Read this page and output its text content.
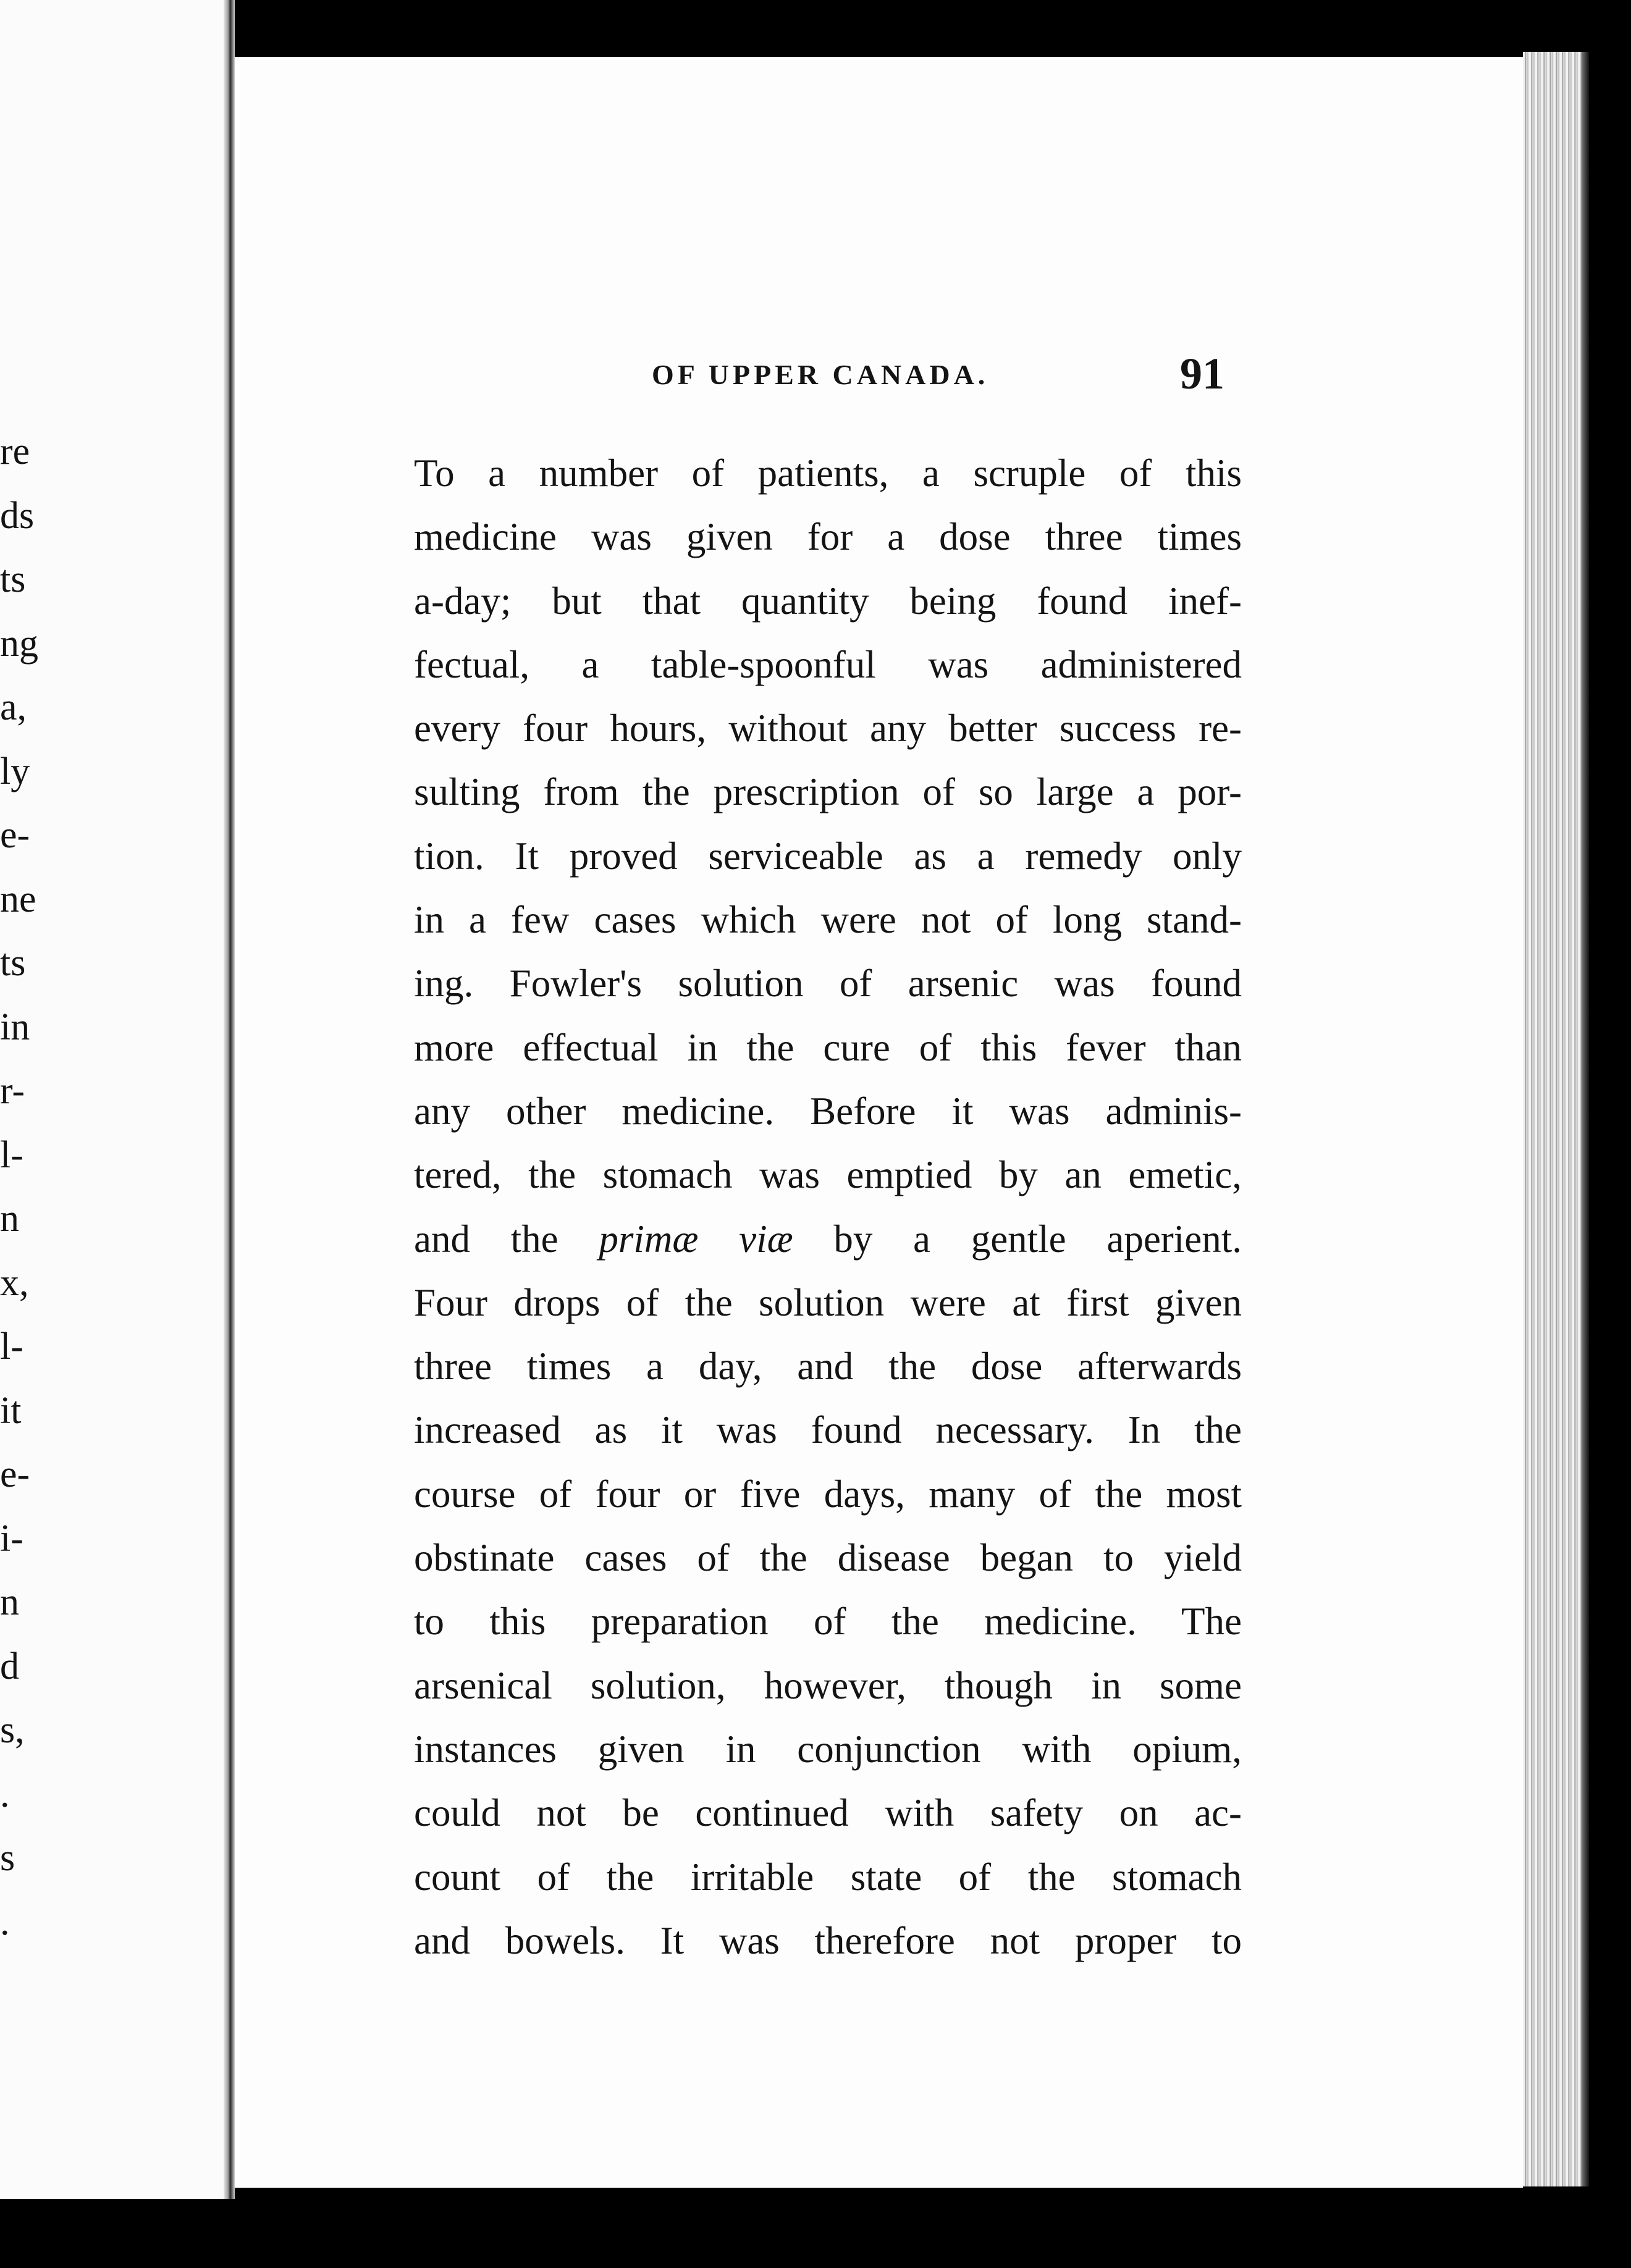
re
ds
ts
ng
a,
ly
e-
ne
ts
in
r-
l-
n
x,
l-
it
e-
i-
n
d
s,
.
s
.
OF UPPER CANADA.	91
To a number of patients, a scruple of this
medicine was given for a dose three times
a-day; but that quantity being found inef-
fectual, a table-spoonful was administered
every four hours, without any better success re-
sulting from the prescription of so large a por-
tion. It proved serviceable as a remedy only
in a few cases which were not of long stand-
ing. Fowler's solution of arsenic was found
more effectual in the cure of this fever than
any other medicine. Before it was adminis-
tered, the stomach was emptied by an emetic,
and the primæ viæ by a gentle aperient.
Four drops of the solution were at first given
three times a day, and the dose afterwards
increased as it was found necessary. In the
course of four or five days, many of the most
obstinate cases of the disease began to yield
to this preparation of the medicine. The
arsenical solution, however, though in some
instances given in conjunction with opium,
could not be continued with safety on ac-
count of the irritable state of the stomach
and bowels. It was therefore not proper to
